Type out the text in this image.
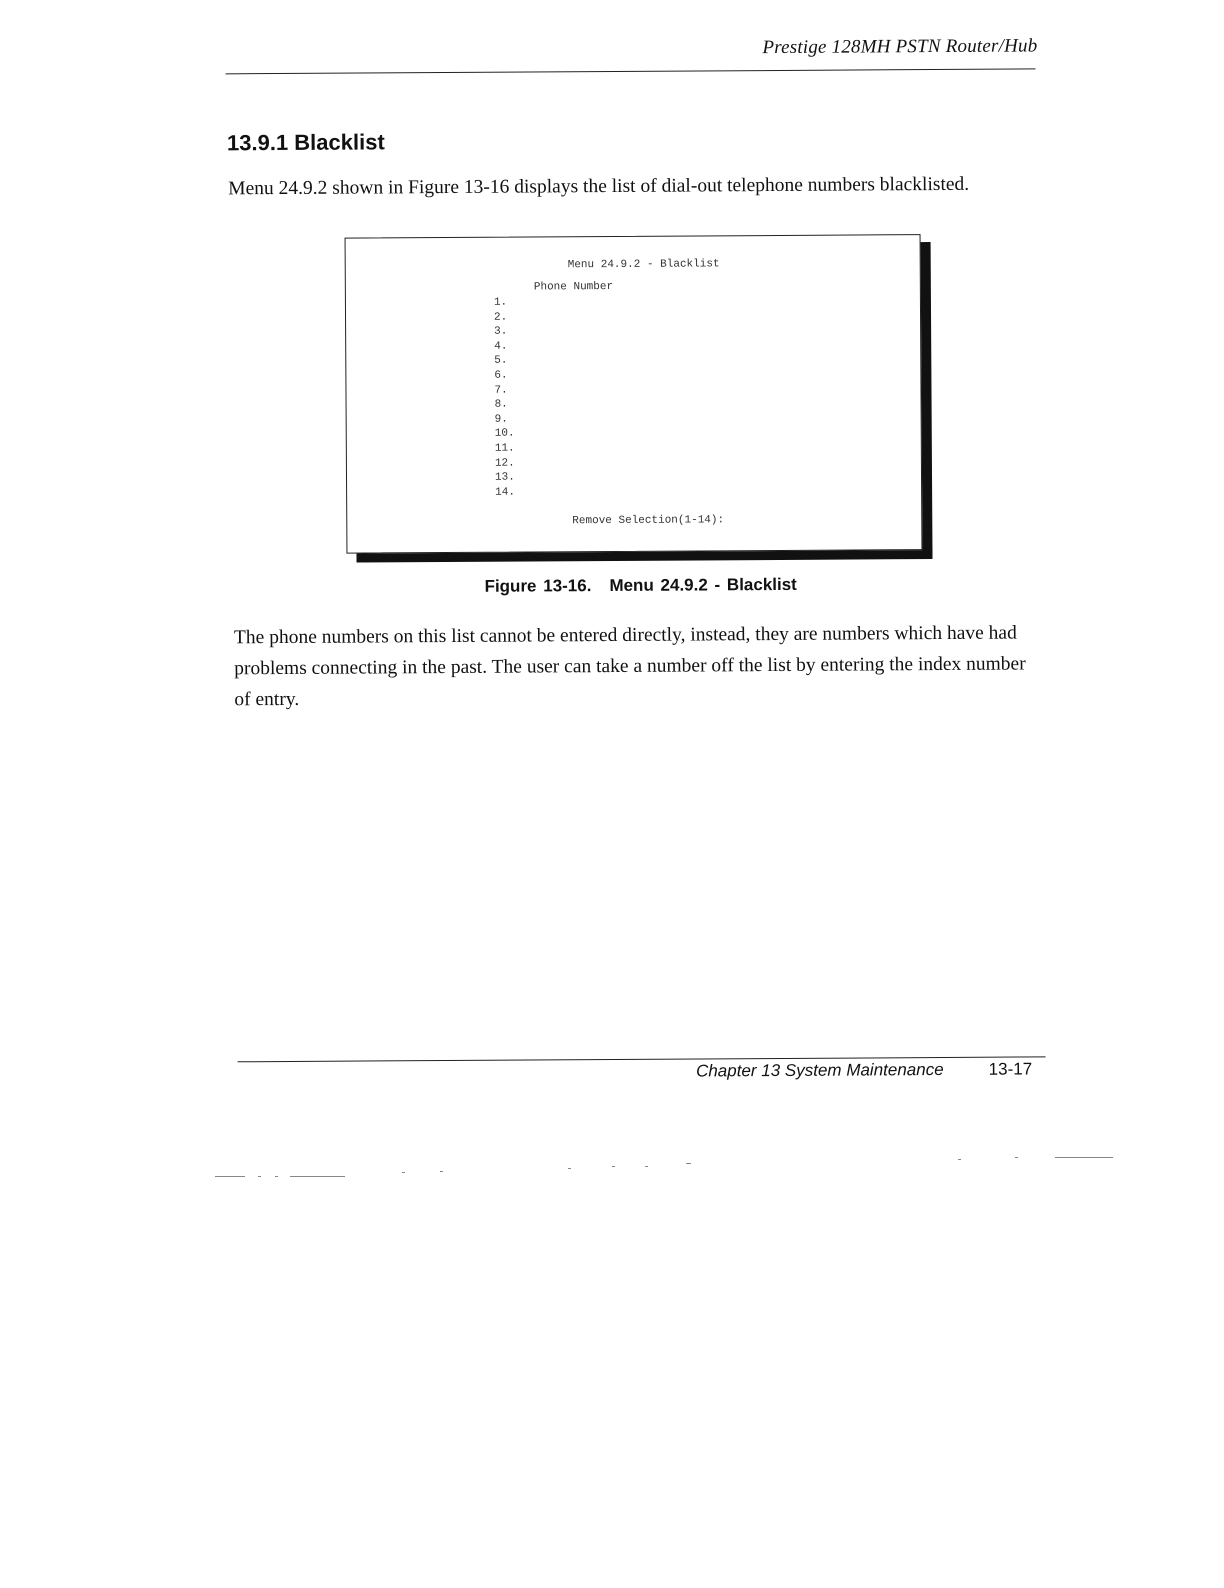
Prestige 128MH PSTN Router/Hub
13.9.1 Blacklist
Menu 24.9.2 shown in Figure 13-16 displays the list of dial-out telephone numbers blacklisted.
Menu 24.9.2 - Blacklist
Phone Number
1.
2.
3.
4.
5.
6.
7.
8.
9.
10.
11.
12.
13.
14.
Remove Selection(1-14):
Figure 13-16. Menu 24.9.2 - Blacklist
The phone numbers on this list cannot be entered directly, instead, they are numbers which have had problems connecting in the past. The user can take a number off the list by entering the index number of entry.
Chapter 13 System Maintenance	13-17
